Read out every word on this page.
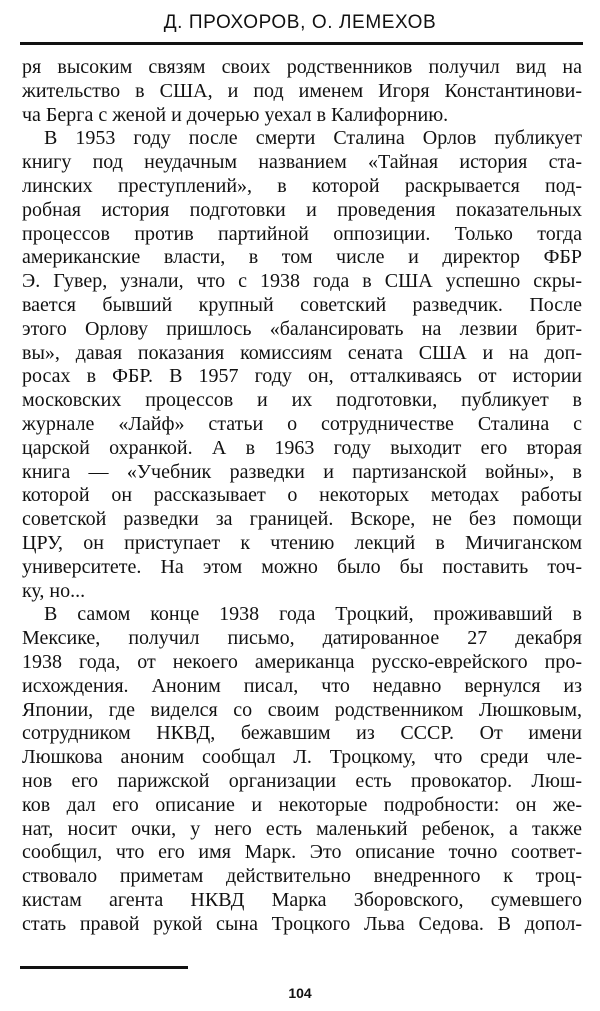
Д. ПРОХОРОВ, О. ЛЕМЕХОВ
ря высоким связям своих родственников получил вид на
жительство в США, и под именем Игоря Константинови-
ча Берга с женой и дочерью уехал в Калифорнию.
В 1953 году после смерти Сталина Орлов публикует
книгу под неудачным названием «Тайная история ста-
линских преступлений», в которой раскрывается под-
робная история подготовки и проведения показательных
процессов против партийной оппозиции. Только тогда
американские власти, в том числе и директор ФБР
Э. Гувер, узнали, что с 1938 года в США успешно скры-
вается бывший крупный советский разведчик. После
этого Орлову пришлось «балансировать на лезвии брит-
вы», давая показания комиссиям сената США и на доп-
росах в ФБР. В 1957 году он, отталкиваясь от истории
московских процессов и их подготовки, публикует в
журнале «Лайф» статьи о сотрудничестве Сталина с
царской охранкой. А в 1963 году выходит его вторая
книга — «Учебник разведки и партизанской войны», в
которой он рассказывает о некоторых методах работы
советской разведки за границей. Вскоре, не без помощи
ЦРУ, он приступает к чтению лекций в Мичиганском
университете. На этом можно было бы поставить точ-
ку, но...
В самом конце 1938 года Троцкий, проживавший в
Мексике, получил письмо, датированное 27 декабря
1938 года, от некоего американца русско-еврейского про-
исхождения. Аноним писал, что недавно вернулся из
Японии, где виделся со своим родственником Люшковым,
сотрудником НКВД, бежавшим из СССР. От имени
Люшкова аноним сообщал Л. Троцкому, что среди чле-
нов его парижской организации есть провокатор. Люш-
ков дал его описание и некоторые подробности: он же-
нат, носит очки, у него есть маленький ребенок, а также
сообщил, что его имя Марк. Это описание точно соответ-
ствовало приметам действительно внедренного к троц-
кистам агента НКВД Марка Зборовского, сумевшего
стать правой рукой сына Троцкого Льва Седова. В допол-
104
